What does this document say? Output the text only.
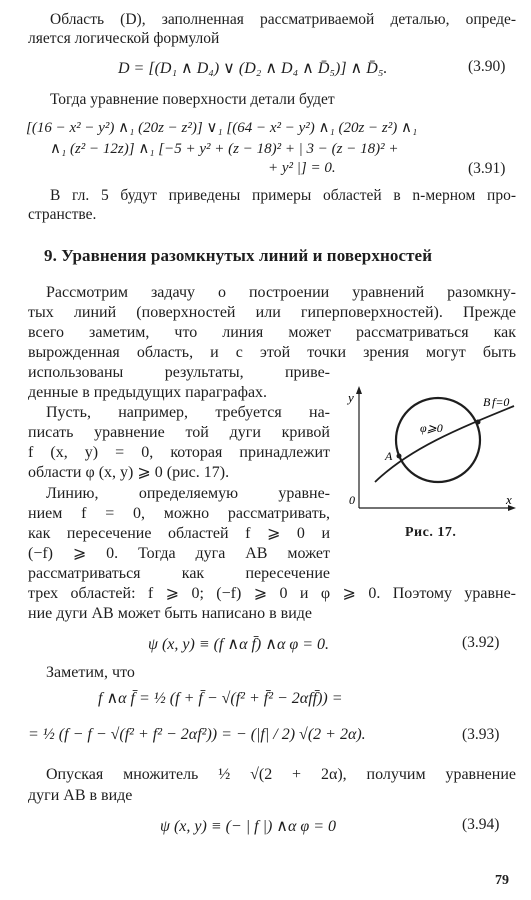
Область (D), заполненная рассматриваемой деталью, опреде-
ляется логической формулой
D = [(D₁ ∧ D₄) ∨ (D₂ ∧ D₄ ∧ D̄₅)] ∧ D̄₅.	(3.90)
Тогда уравнение поверхности детали будет
[(16 − x² − y²) ∧₁ (20z − z²)] ∨₁ [(64 − x² − y²) ∧₁ (20z − z²) ∧₁
∧₁ (z² − 12z)] ∧₁ [−5 + y² + (z − 18)² + | 3 − (z − 18)² +
+ y² |] = 0.	(3.91)
В гл. 5 будут приведены примеры областей в n-мерном про-
странстве.
9. Уравнения разомкнутых линий и поверхностей
Рассмотрим задачу о построении уравнений разомкну-
тых линий (поверхностей или гиперповерхностей). Прежде
всего заметим, что линия может рассматриваться как
вырожденная область, и с этой точки зрения могут быть
использованы результаты, приве-
денные в предыдущих параграфах.
Пусть, например, требуется на-
писать уравнение той дуги кривой
f (x, y) = 0, которая принадлежит
области φ (x, y) ⩾ 0 (рис. 17).
Линию, определяемую уравне-
нием f = 0, можно рассматривать,
как пересечение областей f ⩾ 0 и
(−f) ⩾ 0. Тогда дуга AB может
рассматриваться как пересечение
трех областей: f ⩾ 0; (−f) ⩾ 0 и φ ⩾ 0. Поэтому уравне-
ние дуги AB может быть написано в виде
ψ (x, y) ≡ (f ∧α f̄) ∧α φ = 0.	(3.92)
Заметим, что
f ∧α f̄ = ½ (f + f̄ − √(f² + f̄² − 2αff̄)) =
= ½ (f − f − √(f² + f² − 2αf²)) = − (|f| / 2) √(2 + 2α).	(3.93)
Опуская множитель ½ √(2 + 2α), получим уравнение
дуги AB в виде
ψ (x, y) ≡ (− | f |) ∧α φ = 0	(3.94)
y
x
0
A
B f=0
φ⩾0
Рис. 17.
79
